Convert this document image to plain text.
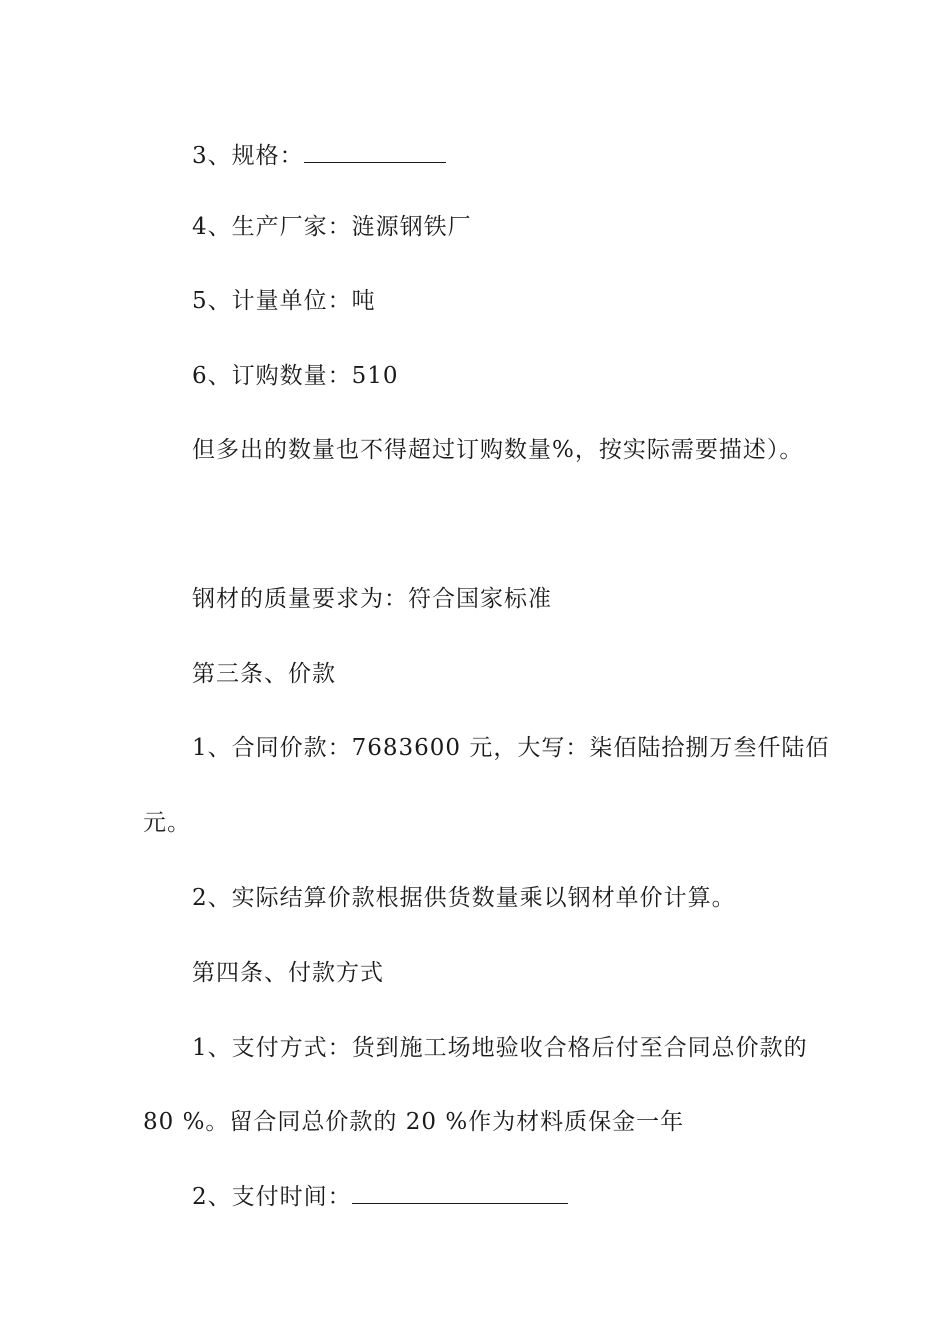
3、规格：
4、生产厂家：涟源钢铁厂
5、计量单位：吨
6、订购数量：510
但多出的数量也不得超过订购数量%，按实际需要描述）。
钢材的质量要求为：符合国家标准
第三条、价款
1、合同价款：7683600 元，大写：柒佰陆拾捌万叁仟陆佰
元。
2、实际结算价款根据供货数量乘以钢材单价计算。
第四条、付款方式
1、支付方式：货到施工场地验收合格后付至合同总价款的
80 %。留合同总价款的 20 %作为材料质保金一年
2、支付时间：
